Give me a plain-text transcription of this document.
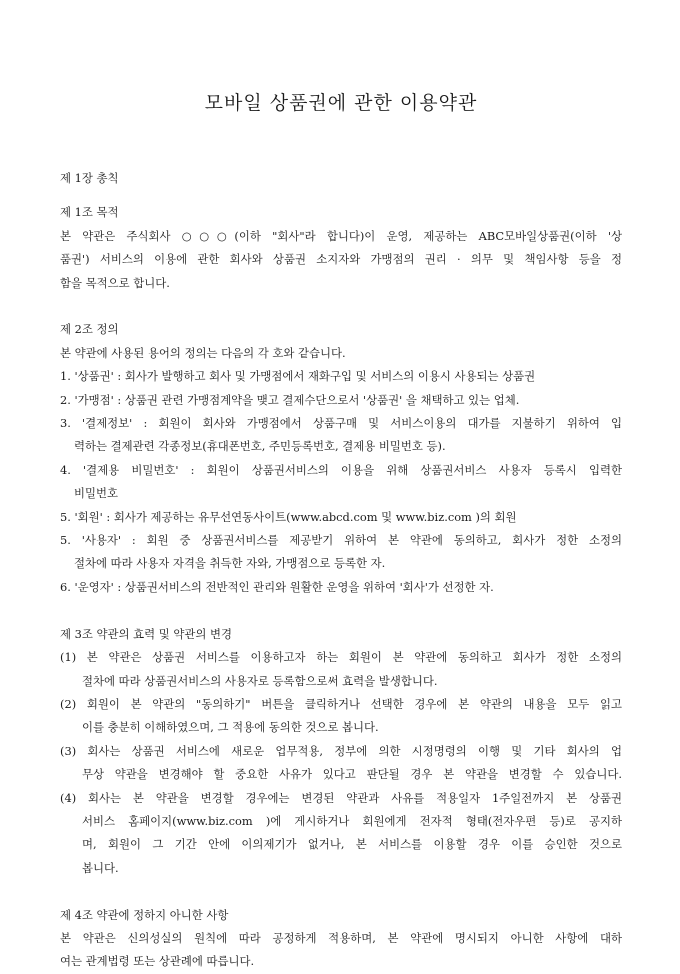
모바일 상품권에 관한 이용약관

제 1장 총칙

제 1조 목적

본 약관은 주식회사 ○○○(이하 "회사"라 합니다)이 운영, 제공하는 ABC모바일상품권(이하 '상

품권') 서비스의 이용에 관한 회사와 상품권 소지자와 가맹점의 권리 · 의무 및 책임사항 등을 정

함을 목적으로 합니다.

제 2조 정의

본 약관에 사용된 용어의 정의는 다음의 각 호와 같습니다.

1. '상품권' : 회사가 발행하고 회사 및 가맹점에서 재화구입 및 서비스의 이용시 사용되는 상품권

2. '가맹점' : 상품권 관련 가맹점계약을 맺고 결제수단으로서 '상품권' 을 채택하고 있는 업체.

3. '결제정보' : 회원이 회사와 가맹점에서 상품구매 및 서비스이용의 대가를 지불하기 위하여 입

력하는 결제관련 각종정보(휴대폰번호, 주민등록번호, 결제용 비밀번호 등).

4. '결제용 비밀번호' : 회원이 상품권서비스의 이용을 위해 상품권서비스 사용자 등록시 입력한

비밀번호

5. '회원' : 회사가 제공하는 유무선연동사이트(www.abcd.com 및 www.biz.com )의 회원

5. '사용자' : 회원 중 상품권서비스를 제공받기 위하여 본 약관에 동의하고, 회사가 정한 소정의

절차에 따라 사용자 자격을 취득한 자와, 가맹점으로 등록한 자.

6. '운영자' : 상품권서비스의 전반적인 관리와 원활한 운영을 위하여 '회사'가 선정한 자.

제 3조 약관의 효력 및 약관의 변경

(1) 본 약관은 상품권 서비스를 이용하고자 하는 회원이 본 약관에 동의하고 회사가 정한 소정의

절차에 따라 상품권서비스의 사용자로 등록함으로써 효력을 발생합니다.

(2) 회원이 본 약관의 "동의하기" 버튼을 클릭하거나 선택한 경우에 본 약관의 내용을 모두 읽고

이를 충분히 이해하였으며, 그 적용에 동의한 것으로 봅니다.

(3) 회사는 상품권 서비스에 새로운 업무적용, 정부에 의한 시정명령의 이행 및 기타 회사의 업

무상 약관을 변경해야 할 중요한 사유가 있다고 판단될 경우 본 약관을 변경할 수 있습니다.

(4) 회사는 본 약관을 변경할 경우에는 변경된 약관과 사유를 적용일자 1주일전까지 본 상품권

서비스 홈페이지(www.biz.com )에 게시하거나 회원에게 전자적 형태(전자우편 등)로 공지하

며, 회원이 그 기간 안에 이의제기가 없거나, 본 서비스를 이용할 경우 이를 승인한 것으로

봅니다.

제 4조 약관에 정하지 아니한 사항

본 약관은 신의성실의 원칙에 따라 공정하게 적용하며, 본 약관에 명시되지 아니한 사항에 대하

여는 관계법령 또는 상관례에 따릅니다.
